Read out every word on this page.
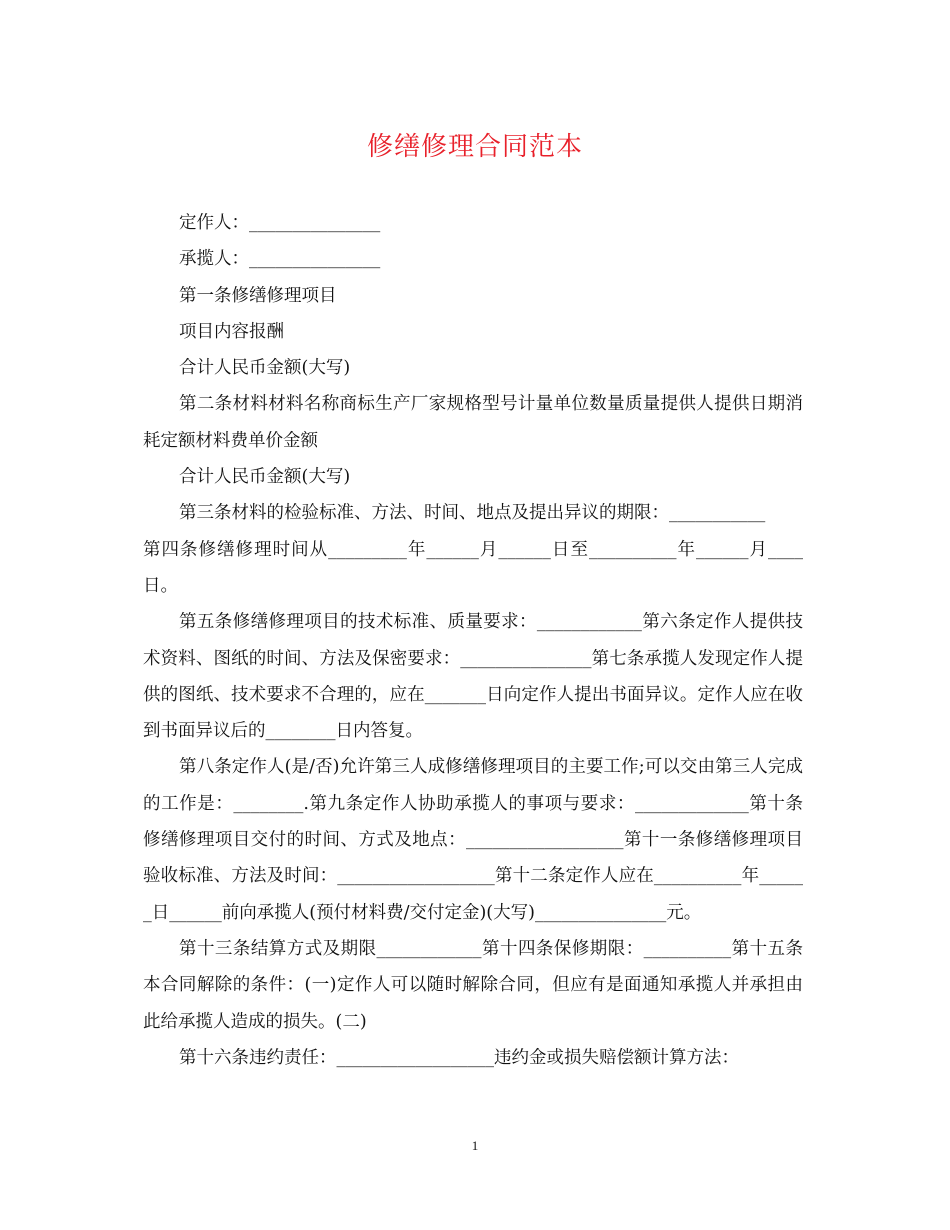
修缮修理合同范本

定作人：_______________

承揽人：_______________

第一条修缮修理项目

项目内容报酬

合计人民币金额(大写)

第二条材料材料名称商标生产厂家规格型号计量单位数量质量提供人提供日期消耗定额材料费单价金额

合计人民币金额(大写)

第三条材料的检验标准、方法、时间、地点及提出异议的期限：___________

第四条修缮修理时间从_________年______月______日至__________年______月____日。

第五条修缮修理项目的技术标准、质量要求：____________第六条定作人提供技术资料、图纸的时间、方法及保密要求：_______________第七条承揽人发现定作人提供的图纸、技术要求不合理的，应在_______日向定作人提出书面异议。定作人应在收到书面异议后的________日内答复。

第八条定作人(是/否)允许第三人成修缮修理项目的主要工作;可以交由第三人完成的工作是：________.第九条定作人协助承揽人的事项与要求：_____________第十条修缮修理项目交付的时间、方式及地点：__________________第十一条修缮修理项目验收标准、方法及时间：__________________第十二条定作人应在__________年______日______前向承揽人(预付材料费/交付定金)(大写)_______________元。

第十三条结算方式及期限____________第十四条保修期限：__________第十五条本合同解除的条件：(一)定作人可以随时解除合同，但应有是面通知承揽人并承担由此给承揽人造成的损失。(二)

第十六条违约责任：__________________违约金或损失赔偿额计算方法：

1
